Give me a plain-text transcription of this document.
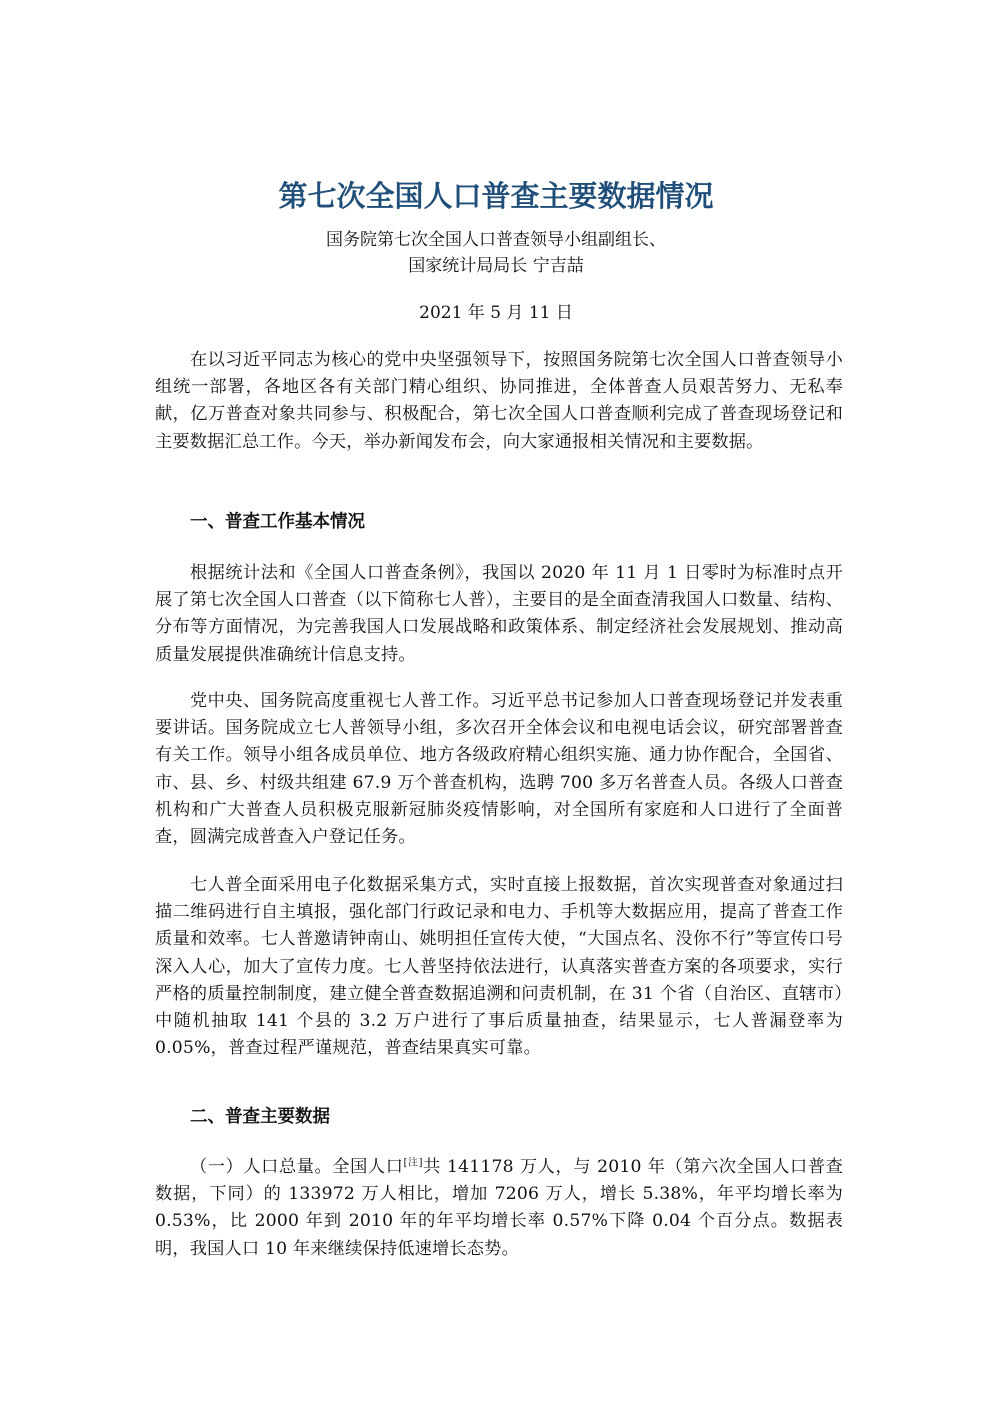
第七次全国人口普查主要数据情况

国务院第七次全国人口普查领导小组副组长、

国家统计局局长 宁吉喆

2021 年 5 月 11 日

在以习近平同志为核心的党中央坚强领导下，按照国务院第七次全国人口普查领导小组统一部署，各地区各有关部门精心组织、协同推进，全体普查人员艰苦努力、无私奉献，亿万普查对象共同参与、积极配合，第七次全国人口普查顺利完成了普查现场登记和主要数据汇总工作。今天，举办新闻发布会，向大家通报相关情况和主要数据。

一、普查工作基本情况

根据统计法和《全国人口普查条例》，我国以 2020 年 11 月 1 日零时为标准时点开展了第七次全国人口普查（以下简称七人普），主要目的是全面查清我国人口数量、结构、分布等方面情况，为完善我国人口发展战略和政策体系、制定经济社会发展规划、推动高质量发展提供准确统计信息支持。

党中央、国务院高度重视七人普工作。习近平总书记参加人口普查现场登记并发表重要讲话。国务院成立七人普领导小组，多次召开全体会议和电视电话会议，研究部署普查有关工作。领导小组各成员单位、地方各级政府精心组织实施、通力协作配合，全国省、市、县、乡、村级共组建 67.9 万个普查机构，选聘 700 多万名普查人员。各级人口普查机构和广大普查人员积极克服新冠肺炎疫情影响，对全国所有家庭和人口进行了全面普查，圆满完成普查入户登记任务。

七人普全面采用电子化数据采集方式，实时直接上报数据，首次实现普查对象通过扫描二维码进行自主填报，强化部门行政记录和电力、手机等大数据应用，提高了普查工作质量和效率。七人普邀请钟南山、姚明担任宣传大使，“大国点名、没你不行”等宣传口号深入人心，加大了宣传力度。七人普坚持依法进行，认真落实普查方案的各项要求，实行严格的质量控制制度，建立健全普查数据追溯和问责机制，在 31 个省（自治区、直辖市）中随机抽取 141 个县的 3.2 万户进行了事后质量抽查，结果显示，七人普漏登率为 0.05%，普查过程严谨规范，普查结果真实可靠。

二、普查主要数据

（一）人口总量。全国人口[注]共 141178 万人，与 2010 年（第六次全国人口普查数据，下同）的 133972 万人相比，增加 7206 万人，增长 5.38%，年平均增长率为 0.53%，比 2000 年到 2010 年的年平均增长率 0.57%下降 0.04 个百分点。数据表明，我国人口 10 年来继续保持低速增长态势。
